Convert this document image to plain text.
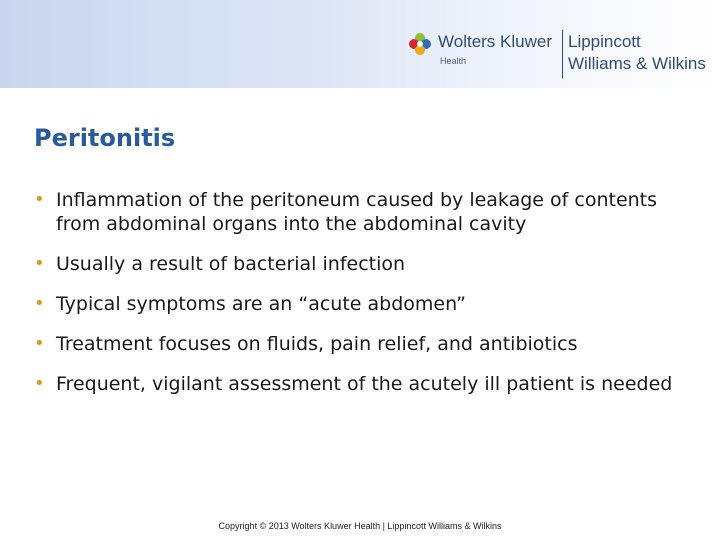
Wolters Kluwer
Health
Lippincott
Williams & Wilkins
Peritonitis
• Inflammation of the peritoneum caused by leakage of contents from abdominal organs into the abdominal cavity
• Usually a result of bacterial infection
• Typical symptoms are an “acute abdomen”
• Treatment focuses on fluids, pain relief, and antibiotics
• Frequent, vigilant assessment of the acutely ill patient is needed
Copyright © 2013 Wolters Kluwer Health | Lippincott Williams & Wilkins
